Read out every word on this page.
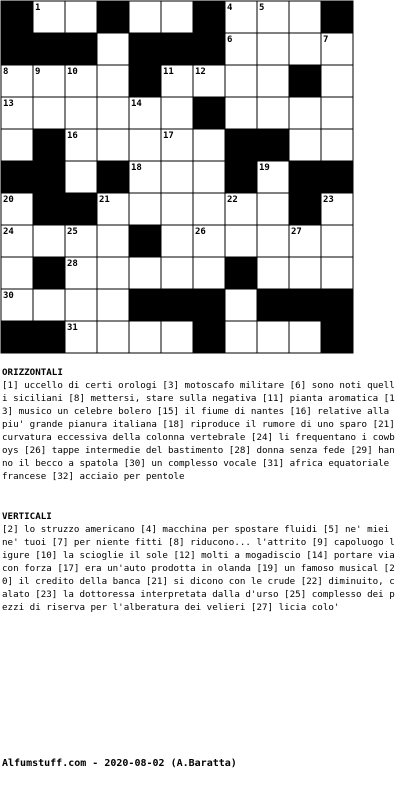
1	2	3	4	5
6	7
8	9	10	11 12
13	14	15
16	17
18	19
20	21	22	23
24	25	26	27
28	29
30
31	32
ORIZZONTALI
[1] uccello di certi orologi [3] motoscafo militare [6] sono noti quelli siciliani [8] mettersi, stare sulla negativa [11] pianta aromatica [13] musico un celebre bolero [15] il fiume di nantes [16] relative alla piu' grande pianura italiana [18] riproduce il rumore di uno sparo [21] curvatura eccessiva della colonna vertebrale [24] li frequentano i cowboys [26] tappe intermedie del bastimento [28] donna senza fede [29] hanno il becco a spatola [30] un complesso vocale [31] africa equatoriale francese [32] acciaio per pentole
VERTICALI
[2] lo struzzo americano [4] macchina per spostare fluidi [5] ne' miei ne' tuoi [7] per niente fitti [8] riducono... l'attrito [9] capoluogo ligure [10] la scioglie il sole [12] molti a mogadiscio [14] portare via con forza [17] era un'auto prodotta in olanda [19] un famoso musical [20] il credito della banca [21] si dicono con le crude [22] diminuito, calato [23] la dottoressa interpretata dalla d'urso [25] complesso dei pezzi di riserva per l'alberatura dei velieri [27] licia colo'
Alfumstuff.com - 2020-08-02 (A.Baratta)
